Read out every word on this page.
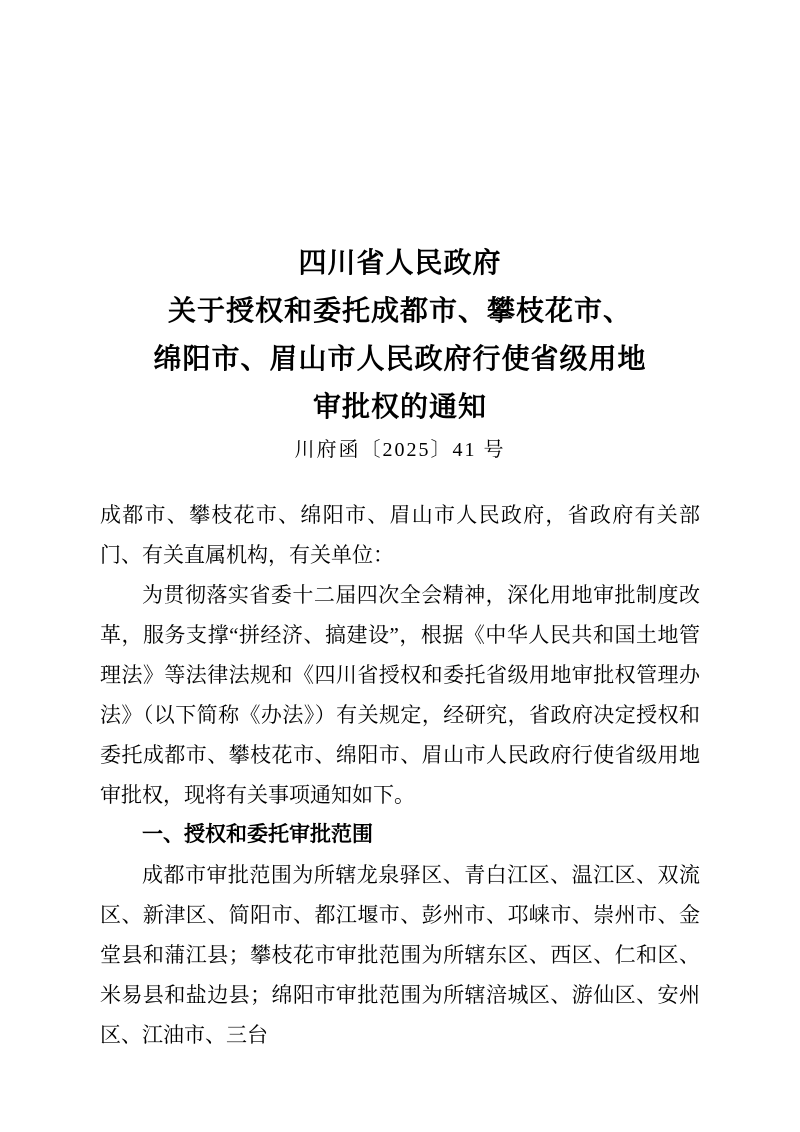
四川省人民政府
关于授权和委托成都市、攀枝花市、
绵阳市、眉山市人民政府行使省级用地
审批权的通知
川府函〔2025〕41 号

成都市、攀枝花市、绵阳市、眉山市人民政府，省政府有关部门、有关直属机构，有关单位：

为贯彻落实省委十二届四次全会精神，深化用地审批制度改革，服务支撑“拼经济、搞建设”，根据《中华人民共和国土地管理法》等法律法规和《四川省授权和委托省级用地审批权管理办法》（以下简称《办法》）有关规定，经研究，省政府决定授权和委托成都市、攀枝花市、绵阳市、眉山市人民政府行使省级用地审批权，现将有关事项通知如下。

一、授权和委托审批范围

成都市审批范围为所辖龙泉驿区、青白江区、温江区、双流区、新津区、简阳市、都江堰市、彭州市、邛崃市、崇州市、金堂县和蒲江县；攀枝花市审批范围为所辖东区、西区、仁和区、米易县和盐边县；绵阳市审批范围为所辖涪城区、游仙区、安州区、江油市、三台
